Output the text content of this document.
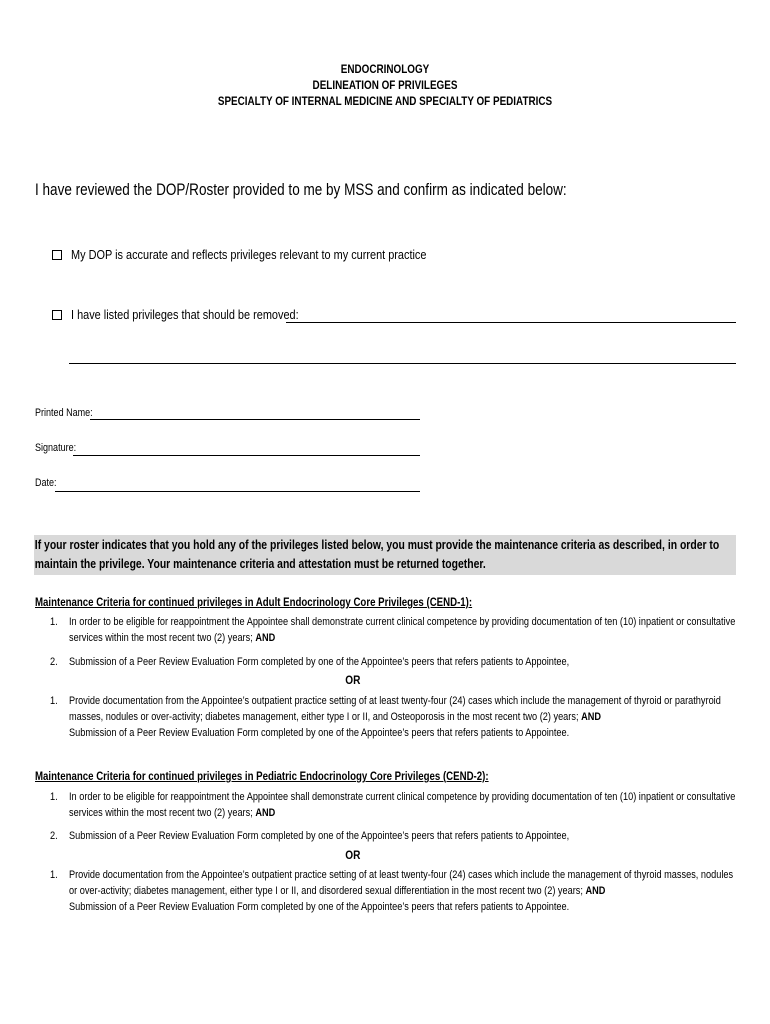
ENDOCRINOLOGY
DELINEATION OF PRIVILEGES
SPECIALTY OF INTERNAL MEDICINE AND SPECIALTY OF PEDIATRICS
I have reviewed the DOP/Roster provided to me by MSS and confirm as indicated below:
My DOP is accurate and reflects privileges relevant to my current practice
I have listed privileges that should be removed:
Printed Name:
Signature:
Date:
If your roster indicates that you hold any of the privileges listed below, you must provide the maintenance criteria as described, in order to maintain the privilege. Your maintenance criteria and attestation must be returned together.
Maintenance Criteria for continued privileges in Adult Endocrinology Core Privileges (CEND-1):
1. In order to be eligible for reappointment the Appointee shall demonstrate current clinical competence by providing documentation of ten (10) inpatient or consultative services within the most recent two (2) years; AND
2. Submission of a Peer Review Evaluation Form completed by one of the Appointee’s peers that refers patients to Appointee,
OR
1. Provide documentation from the Appointee’s outpatient practice setting of at least twenty-four (24) cases which include the management of thyroid or parathyroid masses, nodules or over-activity; diabetes management, either type I or II, and Osteoporosis in the most recent two (2) years; AND
Submission of a Peer Review Evaluation Form completed by one of the Appointee’s peers that refers patients to Appointee.
Maintenance Criteria for continued privileges in Pediatric Endocrinology Core Privileges (CEND-2):
1. In order to be eligible for reappointment the Appointee shall demonstrate current clinical competence by providing documentation of ten (10) inpatient or consultative services within the most recent two (2) years; AND
2. Submission of a Peer Review Evaluation Form completed by one of the Appointee’s peers that refers patients to Appointee,
OR
1. Provide documentation from the Appointee’s outpatient practice setting of at least twenty-four (24) cases which include the management of thyroid masses, nodules or over-activity; diabetes management, either type I or II, and disordered sexual differentiation in the most recent two (2) years; AND
Submission of a Peer Review Evaluation Form completed by one of the Appointee’s peers that refers patients to Appointee.
